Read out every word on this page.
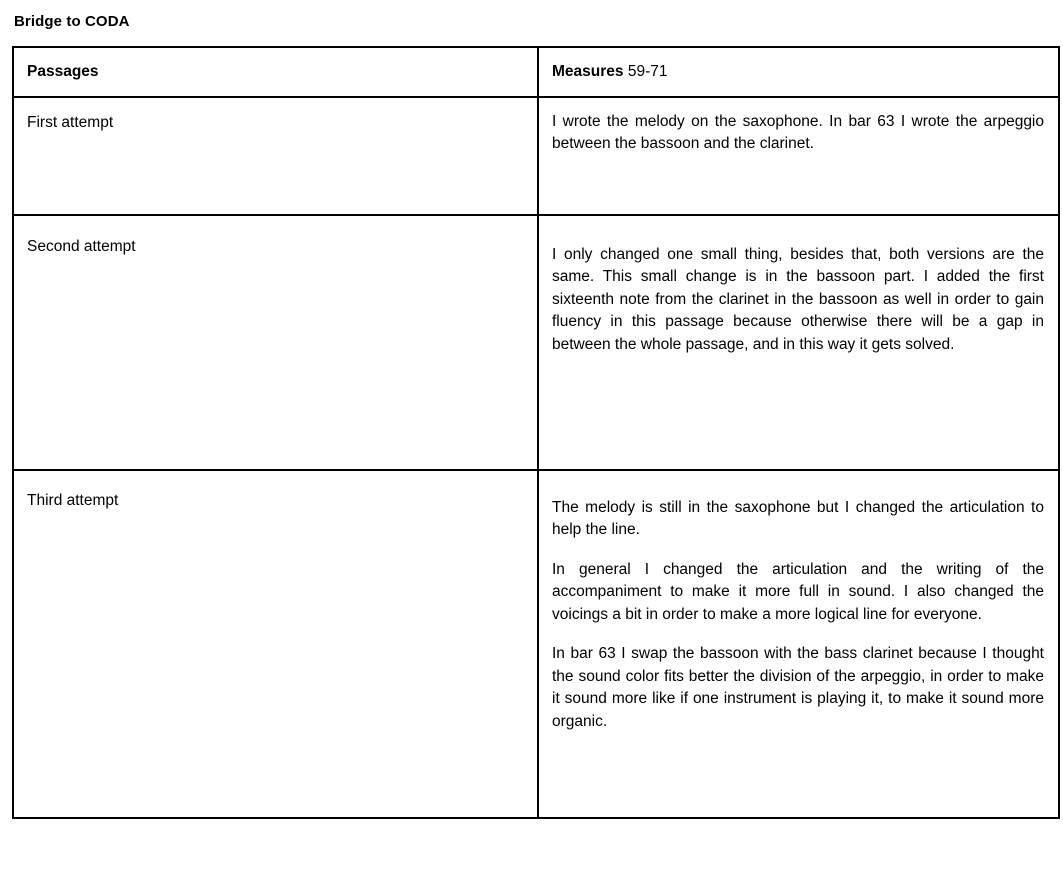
Bridge to CODA
Passages	Measures 59-71

First attempt	I wrote the melody on the saxophone. In bar 63 I wrote the arpeggio between the bassoon and the clarinet.

Second attempt	I only changed one small thing, besides that, both versions are the same. This small change is in the bassoon part. I added the first sixteenth note from the clarinet in the bassoon as well in order to gain fluency in this passage because otherwise there will be a gap in between the whole passage, and in this way it gets solved.

Third attempt	The melody is still in the saxophone but I changed the articulation to help the line.

In general I changed the articulation and the writing of the accompaniment to make it more full in sound. I also changed the voicings a bit in order to make a more logical line for everyone.

In bar 63 I swap the bassoon with the bass clarinet because I thought the sound color fits better the division of the arpeggio, in order to make it sound more like if one instrument is playing it, to make it sound more organic.
